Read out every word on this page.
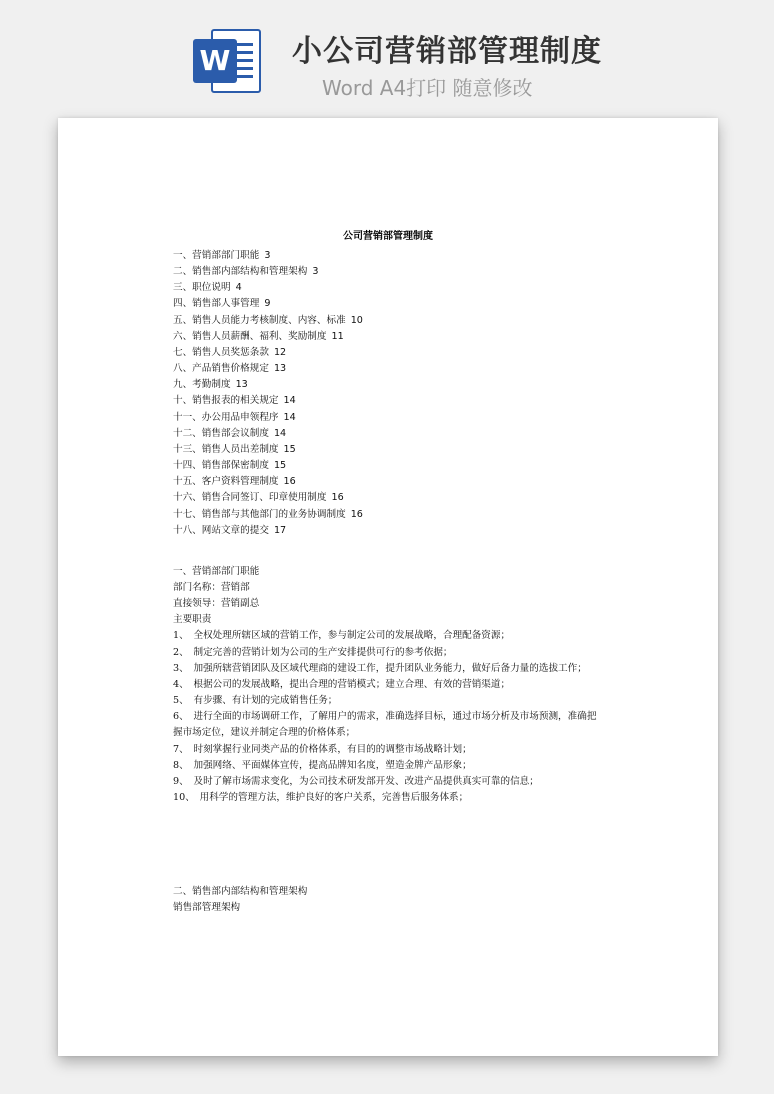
W 小公司营销部管理制度
Word A4打印 随意修改
公司营销部管理制度

一、营销部部门职能 3

二、销售部内部结构和管理架构 3

三、职位说明 4

四、销售部人事管理 9

五、销售人员能力考核制度、内容、标准 10

六、销售人员薪酬、福利、奖励制度 11

七、销售人员奖惩条款 12

八、产品销售价格规定 13

九、考勤制度 13

十、销售报表的相关规定 14

十一、办公用品申领程序 14

十二、销售部会议制度 14

十三、销售人员出差制度 15

十四、销售部保密制度 15

十五、客户资料管理制度 16

十六、销售合同签订、印章使用制度 16

十七、销售部与其他部门的业务协调制度 16

十八、网站文章的提交 17

一、营销部部门职能

部门名称：营销部

直接领导：营销副总

主要职责

1、　全权处理所辖区域的营销工作，参与制定公司的发展战略，合理配备资源；

2、　制定完善的营销计划为公司的生产安排提供可行的参考依据；

3、　加强所辖营销团队及区域代理商的建设工作，提升团队业务能力，做好后备力量的选拔工作；

4、　根据公司的发展战略，提出合理的营销模式；建立合理、有效的营销渠道；

5、　有步骤、有计划的完成销售任务；

6、　进行全面的市场调研工作，了解用户的需求，准确选择目标，通过市场分析及市场预测，准确把握市场定位，建议并制定合理的价格体系；

7、　时刻掌握行业同类产品的价格体系，有目的的调整市场战略计划；

8、　加强网络、平面媒体宣传，提高品牌知名度，塑造金牌产品形象；

9、　及时了解市场需求变化，为公司技术研发部开发、改进产品提供真实可靠的信息；

10、　用科学的管理方法，维护良好的客户关系，完善售后服务体系；

二、销售部内部结构和管理架构

销售部管理架构
